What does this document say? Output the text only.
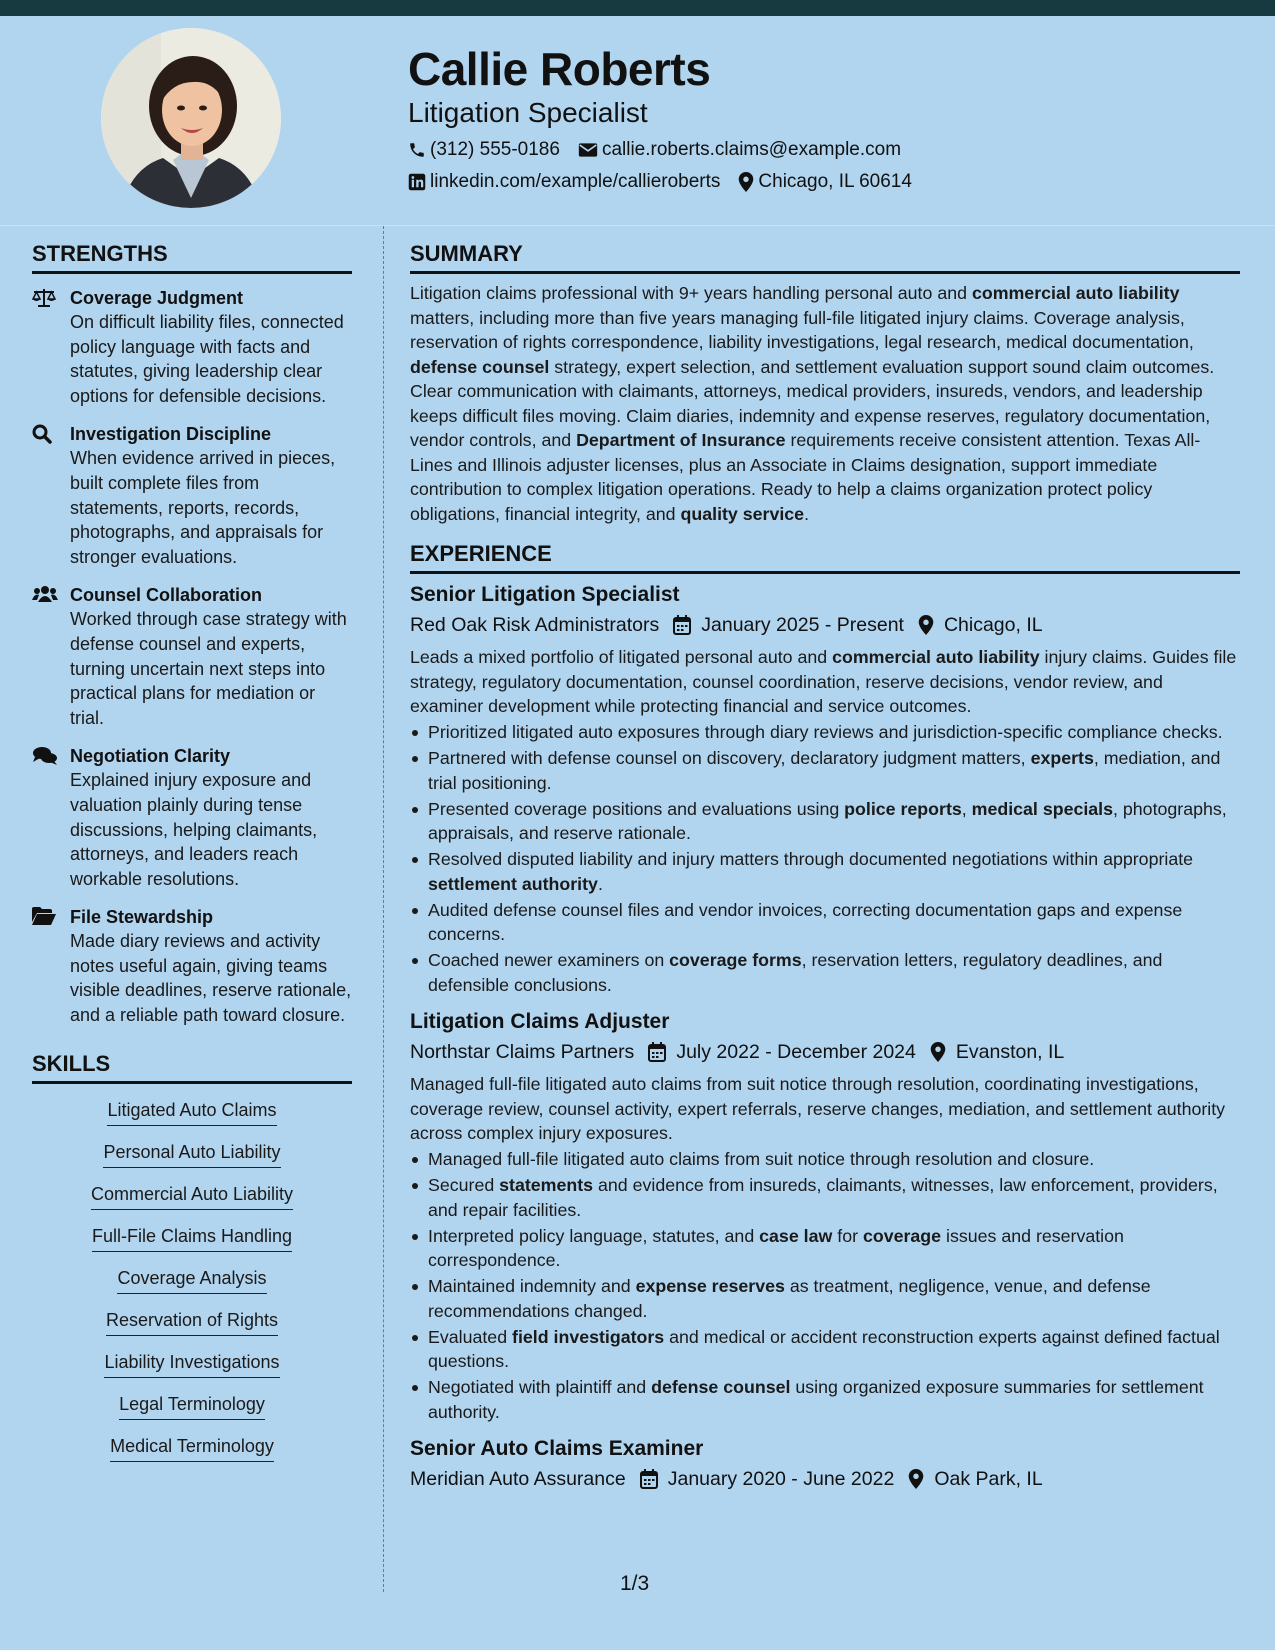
Callie Roberts
Litigation Specialist
(312) 555-0186 callie.roberts.claims@example.com
linkedin.com/example/callieroberts Chicago, IL 60614
STRENGTHS
Coverage Judgment
On difficult liability files, connected policy language with facts and statutes, giving leadership clear options for defensible decisions.
Investigation Discipline
When evidence arrived in pieces, built complete files from statements, reports, records, photographs, and appraisals for stronger evaluations.
Counsel Collaboration
Worked through case strategy with defense counsel and experts, turning uncertain next steps into practical plans for mediation or trial.
Negotiation Clarity
Explained injury exposure and valuation plainly during tense discussions, helping claimants, attorneys, and leaders reach workable resolutions.
File Stewardship
Made diary reviews and activity notes useful again, giving teams visible deadlines, reserve rationale, and a reliable path toward closure.
SKILLS
Litigated Auto Claims
Personal Auto Liability
Commercial Auto Liability
Full-File Claims Handling
Coverage Analysis
Reservation of Rights
Liability Investigations
Legal Terminology
Medical Terminology
SUMMARY
Litigation claims professional with 9+ years handling personal auto and commercial auto liability matters, including more than five years managing full-file litigated injury claims. Coverage analysis, reservation of rights correspondence, liability investigations, legal research, medical documentation, defense counsel strategy, expert selection, and settlement evaluation support sound claim outcomes. Clear communication with claimants, attorneys, medical providers, insureds, vendors, and leadership keeps difficult files moving. Claim diaries, indemnity and expense reserves, regulatory documentation, vendor controls, and Department of Insurance requirements receive consistent attention. Texas All-Lines and Illinois adjuster licenses, plus an Associate in Claims designation, support immediate contribution to complex litigation operations. Ready to help a claims organization protect policy obligations, financial integrity, and quality service.
EXPERIENCE
Senior Litigation Specialist
Red Oak Risk Administrators January 2025 - Present Chicago, IL
Leads a mixed portfolio of litigated personal auto and commercial auto liability injury claims. Guides file strategy, regulatory documentation, counsel coordination, reserve decisions, vendor review, and examiner development while protecting financial and service outcomes.
Prioritized litigated auto exposures through diary reviews and jurisdiction-specific compliance checks.
Partnered with defense counsel on discovery, declaratory judgment matters, experts, mediation, and trial positioning.
Presented coverage positions and evaluations using police reports, medical specials, photographs, appraisals, and reserve rationale.
Resolved disputed liability and injury matters through documented negotiations within appropriate settlement authority.
Audited defense counsel files and vendor invoices, correcting documentation gaps and expense concerns.
Coached newer examiners on coverage forms, reservation letters, regulatory deadlines, and defensible conclusions.
Litigation Claims Adjuster
Northstar Claims Partners July 2022 - December 2024 Evanston, IL
Managed full-file litigated auto claims from suit notice through resolution, coordinating investigations, coverage review, counsel activity, expert referrals, reserve changes, mediation, and settlement authority across complex injury exposures.
Managed full-file litigated auto claims from suit notice through resolution and closure.
Secured statements and evidence from insureds, claimants, witnesses, law enforcement, providers, and repair facilities.
Interpreted policy language, statutes, and case law for coverage issues and reservation correspondence.
Maintained indemnity and expense reserves as treatment, negligence, venue, and defense recommendations changed.
Evaluated field investigators and medical or accident reconstruction experts against defined factual questions.
Negotiated with plaintiff and defense counsel using organized exposure summaries for settlement authority.
Senior Auto Claims Examiner
Meridian Auto Assurance January 2020 - June 2022 Oak Park, IL
1/3
